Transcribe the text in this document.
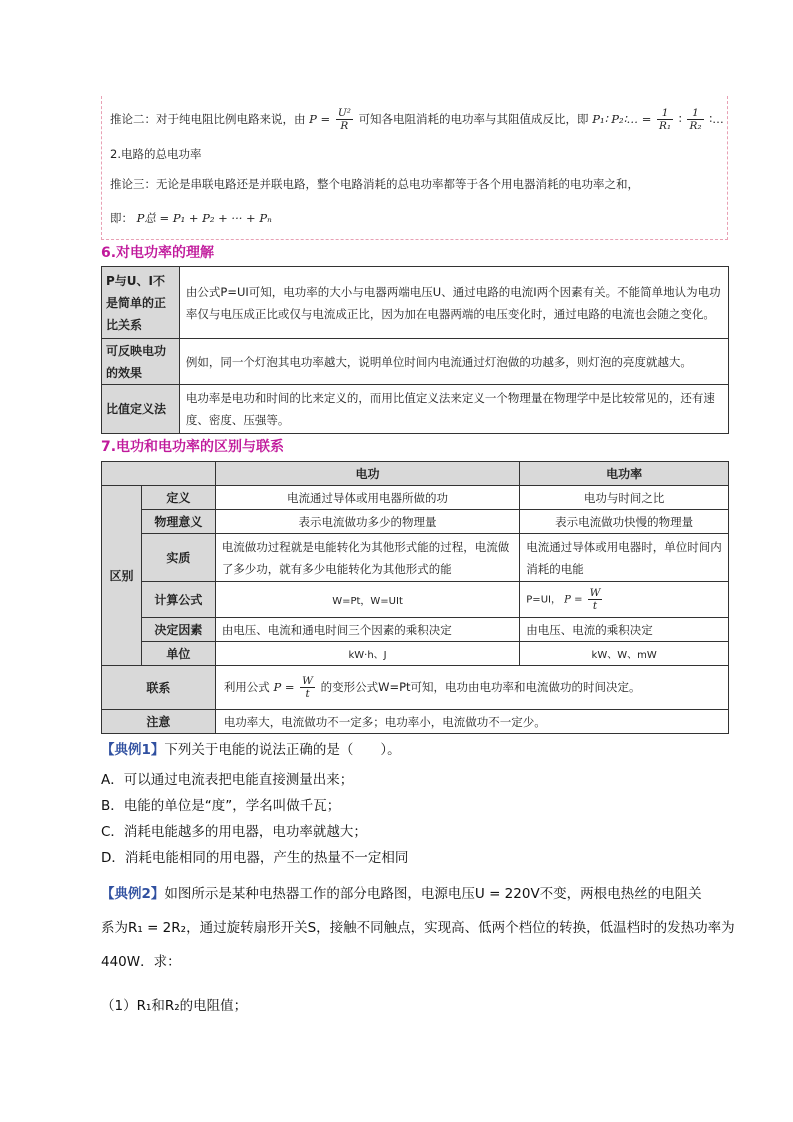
推论二：对于纯电阻比例电路来说，由 $P = \frac{\text{U²}}{R}$ 可知各电阻消耗的电功率与其阻值成反比，即 P₁∶ P₂∶… = $\frac{1}{\text{R₁}}$ ∶ $\frac{1}{\text{R₂}}$ ∶…
2.电路的总电功率
推论三：无论是串联电路还是并联电路，整个电路消耗的总电功率都等于各个用电器消耗的电功率之和，
即： P总 = P₁ + P₂ + ··· + Pₙ
6.对电功率的理解
P与U、I不是简单的正比关系	由公式P=UI可知，电功率的大小与电器两端电压U、通过电路的电流I两个因素有关。不能简单地认为电功率仅与电压成正比或仅与电流成正比，因为加在电器两端的电压变化时，通过电路的电流也会随之变化。
可反映电功的效果	例如，同一个灯泡其电功率越大，说明单位时间内电流通过灯泡做的功越多，则灯泡的亮度就越大。
比值定义法	电功率是电功和时间的比来定义的，而用比值定义法来定义一个物理量在物理学中是比较常见的，还有速度、密度、压强等。
7.电功和电功率的区别与联系
		电功	电功率
区别	定义	电流通过导体或用电器所做的功	电功与时间之比
	物理意义	表示电流做功多少的物理量	表示电流做功快慢的物理量
	实质	电流做功过程就是电能转化为其他形式能的过程，电流做了多少功，就有多少电能转化为其他形式的能	电流通过导体或用电器时，单位时间内消耗的电能
	计算公式	W=Pt，W=UIt	P=UI， $P = \frac{W}{t}$

	决定因素	由电压、电流和通电时间三个因素的乘积决定	由电压、电流的乘积决定
	单位	kW·h、J	kW、W、mW
联系		利用公式 $P = \frac{W}{t}$ 的变形公式W=Pt可知，电功由电功率和电流做功的时间决定。	
注意		电功率大，电流做功不一定多；电功率小，电流做功不一定少。	
【典例1】下列关于电能的说法正确的是（　　）。
A．可以通过电流表把电能直接测量出来；
B．电能的单位是“度”，学名叫做千瓦；
C．消耗电能越多的用电器，电功率就越大；
D．消耗电能相同的用电器，产生的热量不一定相同
【典例2】如图所示是某种电热器工作的部分电路图，电源电压U = 220V不变，两根电热丝的电阻关
系为R₁ = 2R₂，通过旋转扇形开关S，接触不同触点，实现高、低两个档位的转换，低温档时的发热功率为
440W．求：
（1）R₁和R₂的电阻值；
